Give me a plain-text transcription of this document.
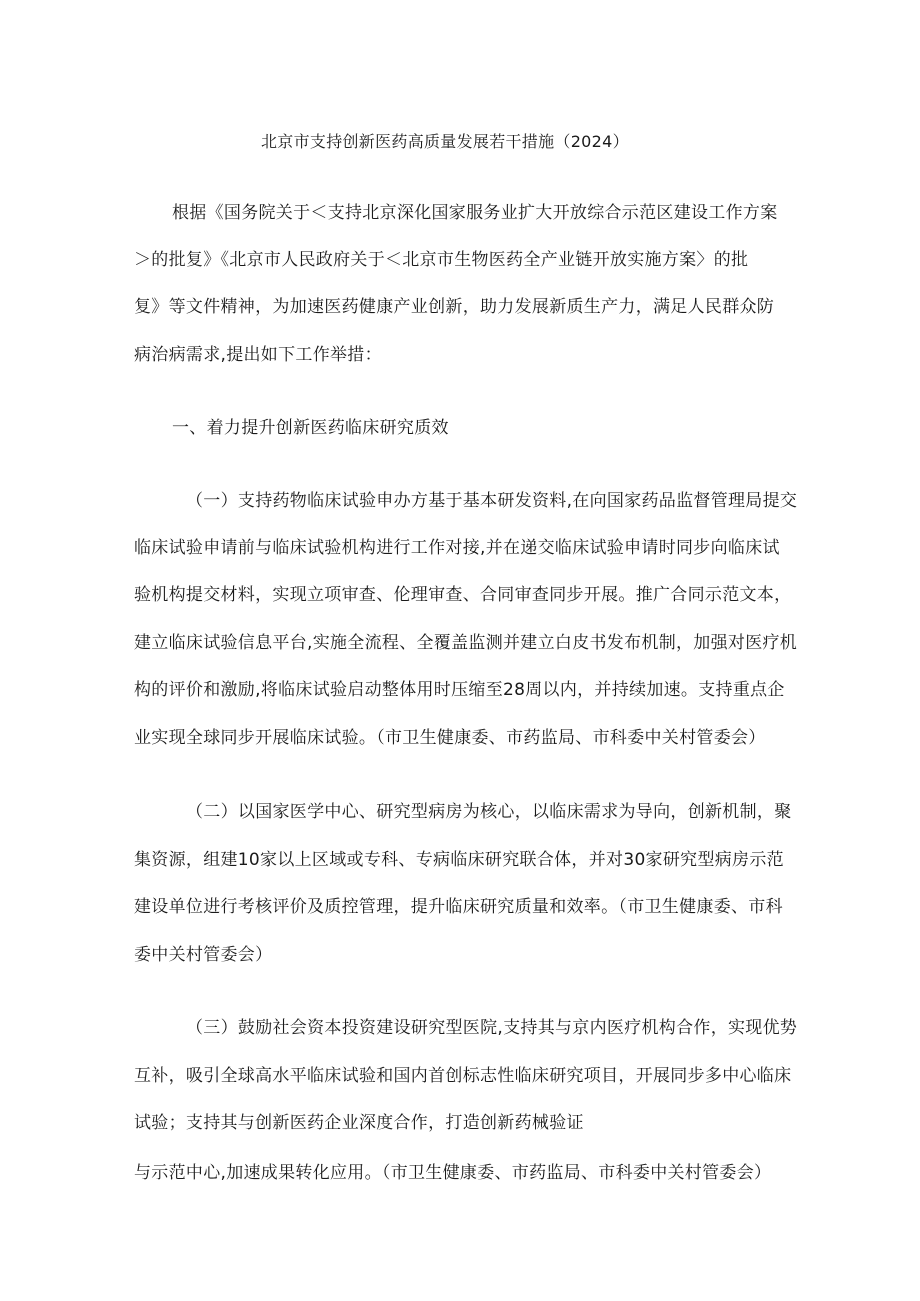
北京市支持创新医药高质量发展若干措施（2024）
根据《国务院关于＜支持北京深化国家服务业扩大开放综合示范区建设工作方案
＞的批复》《北京市人民政府关于＜北京市生物医药全产业链开放实施方案〉的批
复》等文件精神，为加速医药健康产业创新，助力发展新质生产力，满足人民群众防
病治病需求,提出如下工作举措：
一、着力提升创新医药临床研究质效
（一）支持药物临床试验申办方基于基本研发资料,在向国家药品监督管理局提交
临床试验申请前与临床试验机构进行工作对接,并在递交临床试验申请时同步向临床试
验机构提交材料，实现立项审查、伦理审查、合同审查同步开展。推广合同示范文本，
建立临床试验信息平台,实施全流程、全覆盖监测并建立白皮书发布机制，加强对医疗机
构的评价和激励,将临床试验启动整体用时压缩至28周以内，并持续加速。支持重点企
业实现全球同步开展临床试验。（市卫生健康委、市药监局、市科委中关村管委会）
（二）以国家医学中心、研究型病房为核心，以临床需求为导向，创新机制，聚
集资源，组建10家以上区域或专科、专病临床研究联合体，并对30家研究型病房示范
建设单位进行考核评价及质控管理，提升临床研究质量和效率。（市卫生健康委、市科
委中关村管委会）
（三）鼓励社会资本投资建设研究型医院,支持其与京内医疗机构合作，实现优势
互补，吸引全球高水平临床试验和国内首创标志性临床研究项目，开展同步多中心临床
试验；支持其与创新医药企业深度合作，打造创新药械验证
与示范中心,加速成果转化应用。（市卫生健康委、市药监局、市科委中关村管委会）
